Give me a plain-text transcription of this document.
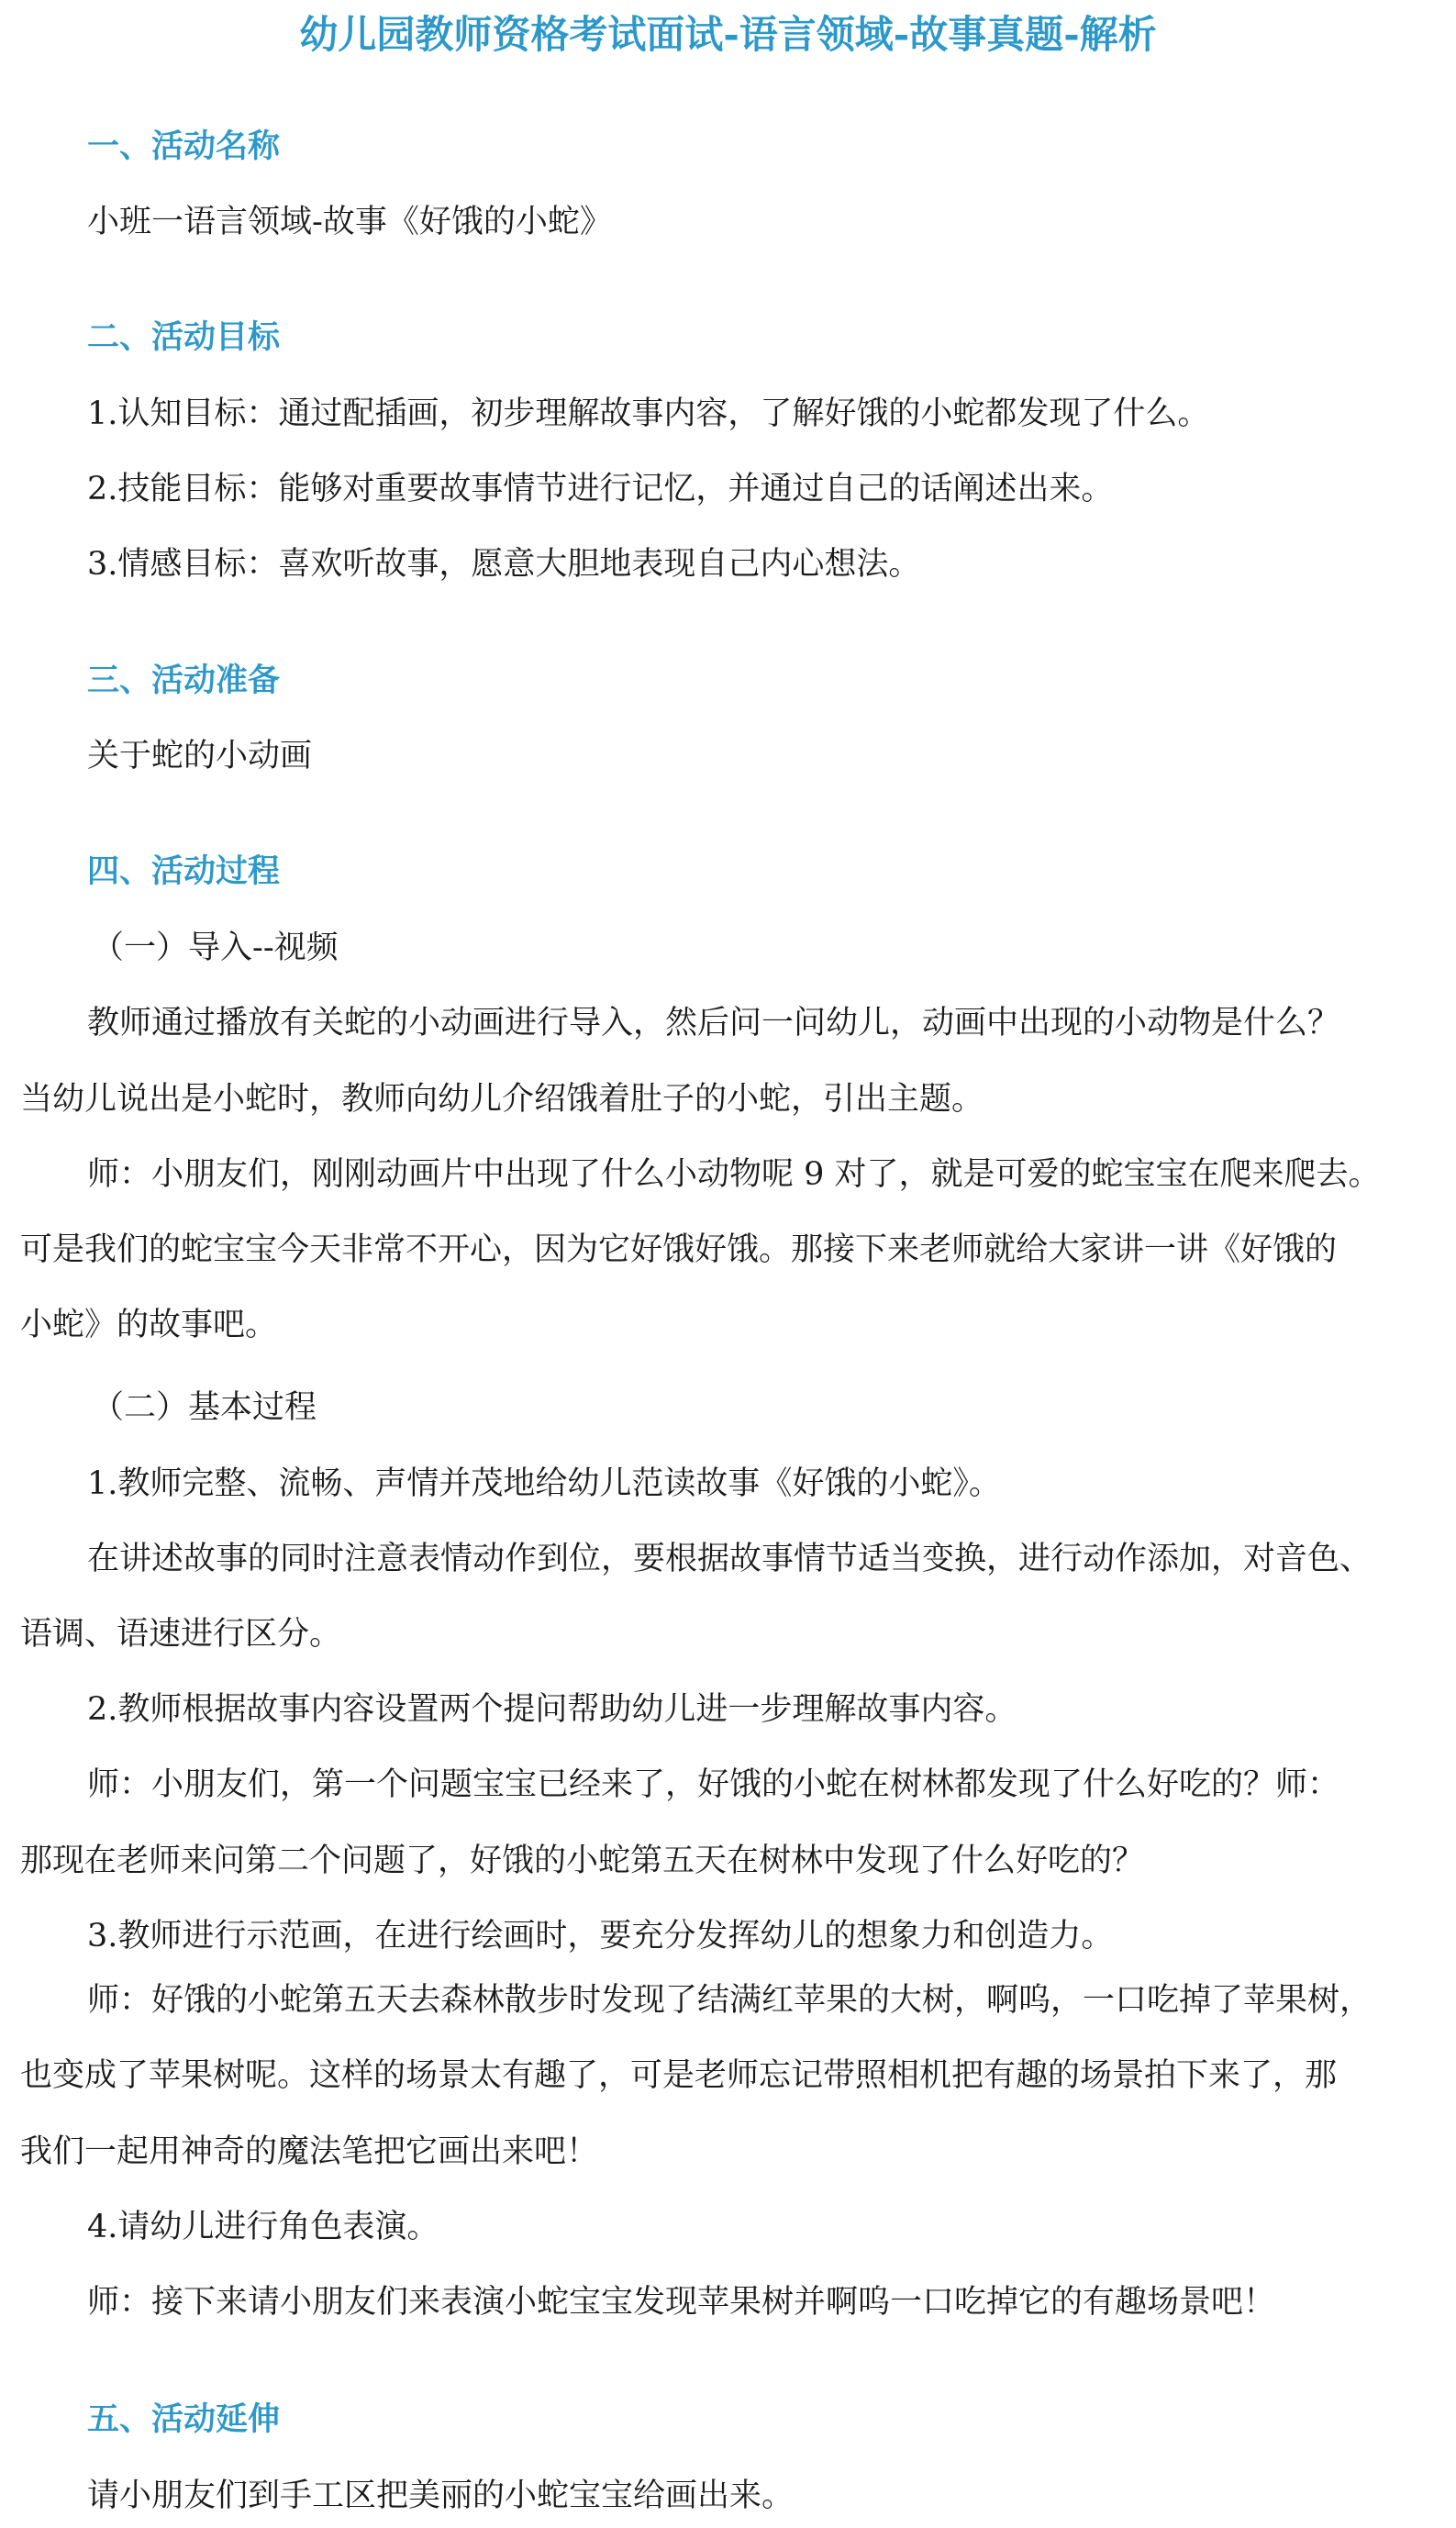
幼儿园教师资格考试面试-语言领域-故事真题-解析
一、活动名称
小班一语言领域-故事《好饿的小蛇》
二、活动目标
1.认知目标：通过配插画，初步理解故事内容，了解好饿的小蛇都发现了什么。
2.技能目标：能够对重要故事情节进行记忆，并通过自己的话阐述出来。
3.情感目标：喜欢听故事，愿意大胆地表现自己内心想法。
三、活动准备
关于蛇的小动画
四、活动过程
（一）导入--视频
教师通过播放有关蛇的小动画进行导入，然后问一问幼儿，动画中出现的小动物是什么？
当幼儿说出是小蛇时，教师向幼儿介绍饿着肚子的小蛇，引出主题。
师：小朋友们，刚刚动画片中出现了什么小动物呢 9 对了，就是可爱的蛇宝宝在爬来爬去。
可是我们的蛇宝宝今天非常不开心，因为它好饿好饿。那接下来老师就给大家讲一讲《好饿的
小蛇》的故事吧。
（二）基本过程
1.教师完整、流畅、声情并茂地给幼儿范读故事《好饿的小蛇》。
在讲述故事的同时注意表情动作到位，要根据故事情节适当变换，进行动作添加，对音色、
语调、语速进行区分。
2.教师根据故事内容设置两个提问帮助幼儿进一步理解故事内容。
师：小朋友们，第一个问题宝宝已经来了，好饿的小蛇在树林都发现了什么好吃的？师：
那现在老师来问第二个问题了，好饿的小蛇第五天在树林中发现了什么好吃的？
3.教师进行示范画，在进行绘画时，要充分发挥幼儿的想象力和创造力。
师：好饿的小蛇第五天去森林散步时发现了结满红苹果的大树，啊呜，一口吃掉了苹果树，
也变成了苹果树呢。这样的场景太有趣了，可是老师忘记带照相机把有趣的场景拍下来了，那
我们一起用神奇的魔法笔把它画出来吧！
4.请幼儿进行角色表演。
师：接下来请小朋友们来表演小蛇宝宝发现苹果树并啊呜一口吃掉它的有趣场景吧！
五、活动延伸
请小朋友们到手工区把美丽的小蛇宝宝给画出来。
